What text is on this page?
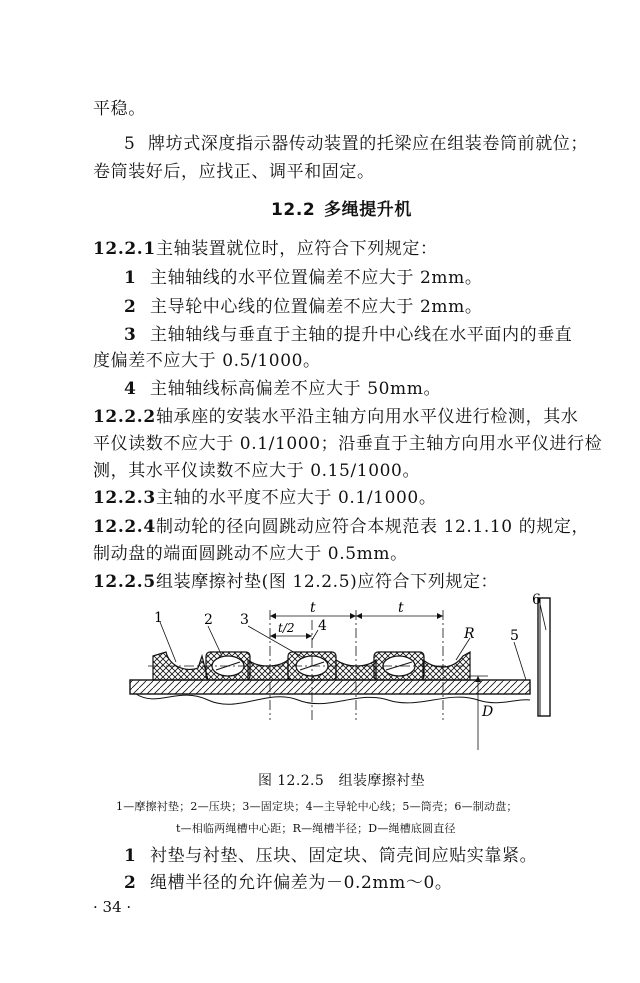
平稳。
5 牌坊式深度指示器传动装置的托梁应在组装卷筒前就位；
卷筒装好后，应找正、调平和固定。
12.2 多绳提升机
12.2.1 主轴装置就位时，应符合下列规定：
1 主轴轴线的水平位置偏差不应大于 2mm。
2 主导轮中心线的位置偏差不应大于 2mm。
3 主轴轴线与垂直于主轴的提升中心线在水平面内的垂直
度偏差不应大于 0.5/1000。
4 主轴轴线标高偏差不应大于 50mm。
12.2.2 轴承座的安装水平沿主轴方向用水平仪进行检测，其水
平仪读数不应大于 0.1/1000；沿垂直于主轴方向用水平仪进行检
测，其水平仪读数不应大于 0.15/1000。
12.2.3 主轴的水平度不应大于 0.1/1000。
12.2.4 制动轮的径向圆跳动应符合本规范表 12.1.10 的规定，
制动盘的端面圆跳动不应大于 0.5mm。
12.2.5 组装摩擦衬垫(图 12.2.5)应符合下列规定：
1	2 3	4
5
6
t	t
t/2	R
D
图 12.2.5　组装摩擦衬垫
1—摩擦衬垫；2—压块；3—固定块；4—主导轮中心线；5—筒壳；6—制动盘；
t—相临两绳槽中心距；R—绳槽半径；D—绳槽底圆直径
1 衬垫与衬垫、压块、固定块、筒壳间应贴实靠紧。
2 绳槽半径的允许偏差为－0.2mm～0。
· 34 ·
